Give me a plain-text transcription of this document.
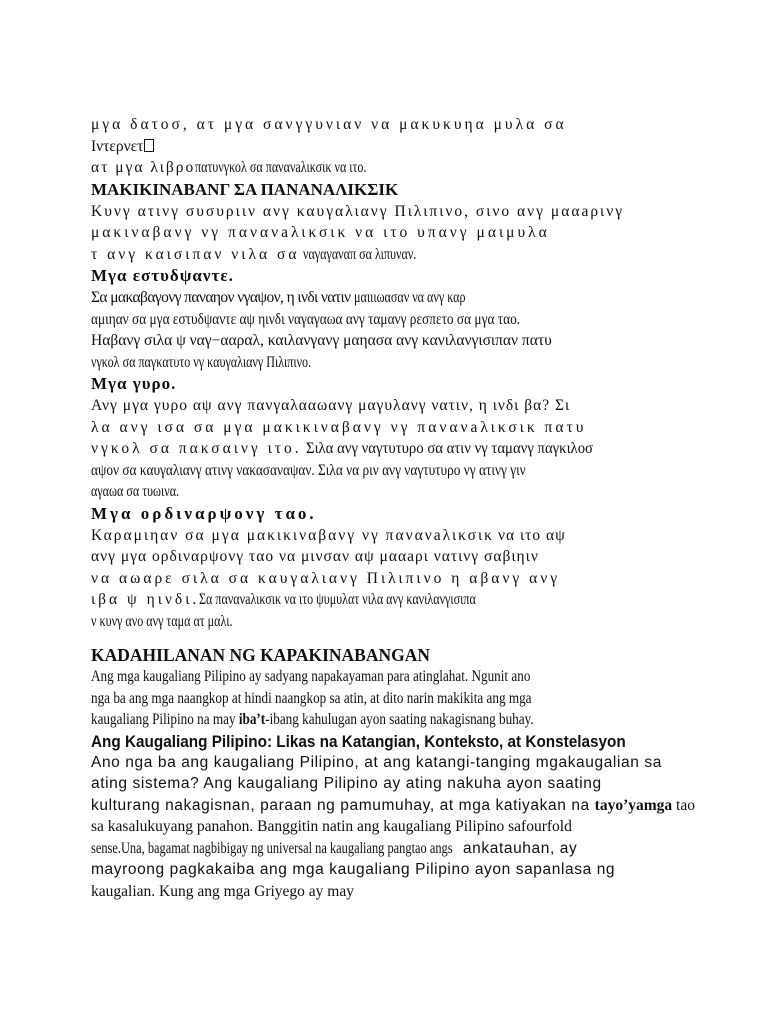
μγα δατοσ, ατ μγα σανγγυνιαν να μακυκυηα μυλα σα
Ιντερνετ
ατ μγα λιβροπατυνγκολ σα πανανaλικσικ να ιτο.
ΜΑΚΙΚΙΝΑΒΑΝΓ ΣΑ ΠΑΝΑΝΑΛΙΚΣΙΚ
Κυνγ ατινγ συσυριιν ανγ καυγαλιανγ Πιλιπινο, σινο ανγ μααaρινγ
μακιναβανγ νγ πανανaλικσικ να ιτο υπανγ μαιμυλα
τ ανγ καισιπαν νιλα σα ναγαγαναπ σα λιπυναν.
Μγα εστυδψαντε.
Σα μακαβαγονγ παναηον νγαψον, η ινδι νατιν μαιιιωασαν να ανγ καρ
αμιηαν σα μγα εστυδψαντε αψ ηινδι ναγαγαωα ανγ ταμανγ ρεσπετο σα μγα ταο.
Ηαβανγ σιλα ψ ναγ−ααραλ, καιλανγανγ μαηασα ανγ κανιλανγισιπαν πατυ
νγκολ σα παγκατυτο νγ καυγαλιανγ Πιλιπινο.
Μγα γυρο.
Ανγ μγα γυρο αψ ανγ πανγαλααωανγ μαγυλανγ νατιν, η ινδι βα? Σι
λα ανγ ισα σα μγα μακικιναβανγ νγ πανανaλικσικ πατυ
νγκολ σα πακσαινγ ιτο. Σιλα ανγ ναγτυτυρο σα ατιν νγ ταμανγ παγκιλοσ
αψον σα καυγαλιανγ ατινγ νακασαναψαν. Σιλα να ριν ανγ ναγτυτυρο νγ ατινγ γιν
αγαωα σα τυωινα.
Μγα ορδιναρψονγ ταο.
Καραμιηαν σα μγα μακικιναβανγ νγ πανανaλικσικ να ιτο αψ
ανγ μγα ορδιναρψονγ ταο να μινσαν αψ μααaρι νατινγ σαβιηιν
να αωαρε σιλα σα καυγαλιανγ Πιλιπινο η αβανγ ανγ
ιβα ψ ηινδι.Σα πανανaλικσικ να ιτο ψυμυλατ νιλα ανγ κανιλανγισιπα
ν κυνγ ανο ανγ ταμα ατ μαλι.
KADAHILANAN NG KAPAKINABANGAN
Ang mga kaugaliang Pilipino ay sadyang napakayaman para atinglahat. Ngunit ano
nga ba ang mga naangkop at hindi naangkop sa atin, at dito narin makikita ang mga
kaugaliang Pilipino na may iba’t-ibang kahulugan ayon saating nakagisnang buhay.
Ang Kaugaliang Pilipino: Likas na Katangian, Konteksto, at Konstelasyon
Ano nga ba ang kaugaliang Pilipino, at ang katangi-tanging mgakaugalian sa
ating sistema? Ang kaugaliang Pilipino ay ating nakuha ayon saating
kulturang nakagisnan, paraan ng pamumuhay, at mga katiyakan na tayo’yamga tao
sa kasalukuyang panahon. Banggitin natin ang kaugaliang Pilipino safourfold
sense.Una, bagamat nagbibigay ng universal na kaugaliang pangtao angs ankatauhan, ay
mayroong pagkakaiba ang mga kaugaliang Pilipino ayon sapanlasa ng
kaugalian. Kung ang mga Griyego ay may
